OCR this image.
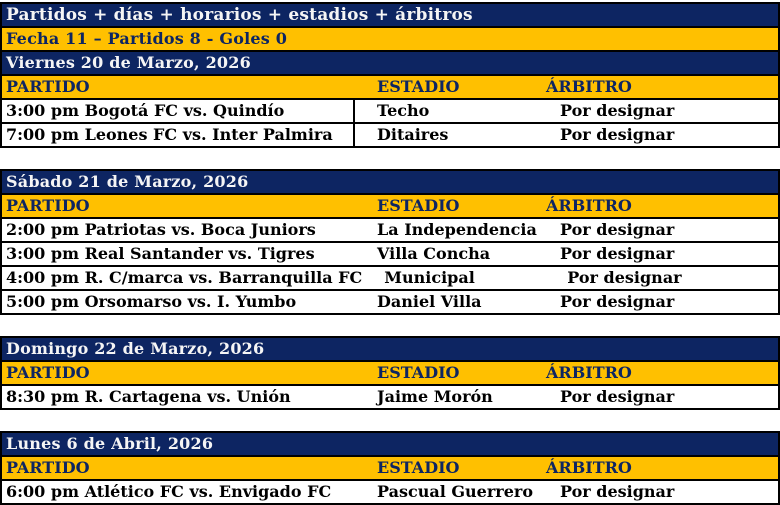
Partidos + días + horarios + estadios + árbitros
Fecha 11 – Partidos 8 - Goles 0
Viernes 20 de Marzo, 2026
PARTIDO	ESTADIO	ÁRBITRO
3:00 pm Bogotá FC vs. Quindío	Techo	Por designar
7:00 pm Leones FC vs. Inter Palmira	Ditaires	Por designar
Sábado 21 de Marzo, 2026
PARTIDO	ESTADIO	ÁRBITRO
2:00 pm Patriotas vs. Boca Juniors	La Independencia	Por designar
3:00 pm Real Santander vs. Tigres	Villa Concha	Por designar
4:00 pm R. C/marca vs. Barranquilla FC	Municipal	Por designar
5:00 pm Orsomarso vs. I. Yumbo	Daniel Villa	Por designar
Domingo 22 de Marzo, 2026
PARTIDO	ESTADIO	ÁRBITRO
8:30 pm R. Cartagena vs. Unión	Jaime Morón	Por designar
Lunes 6 de Abril, 2026
PARTIDO	ESTADIO	ÁRBITRO
6:00 pm Atlético FC vs. Envigado FC	Pascual Guerrero	Por designar
